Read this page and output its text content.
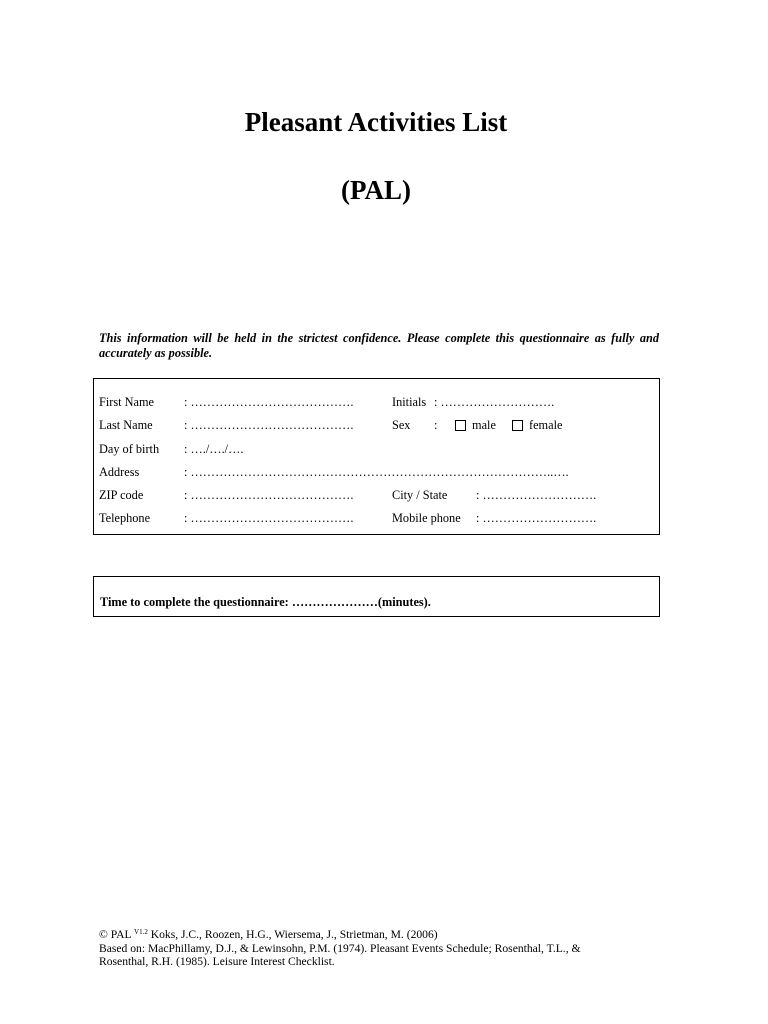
Pleasant Activities List
(PAL)

This information will be held in the strictest confidence. Please complete this questionnaire as fully and accurately as possible.

First Name : ………………………………….	Initials : ……………………….
Last Name	: ………………………………….	Sex :	male	female
Day of birth : …./…./….
Address	: ……………………………………………………………………………..….
ZIP code	: ………………………………….	City / State : ……………………….
Telephone	: ………………………………….	Mobile phone : ……………………….
Time to complete the questionnaire: …………………(minutes).

© PAL $^{V1.2}$ Koks, J.C., Roozen, H.G., Wiersema, J., Strietman, M. (2006)

Based on: MacPhillamy, D.J., & Lewinsohn, P.M. (1974). Pleasant Events Schedule; Rosenthal, T.L., & Rosenthal, R.H. (1985). Leisure Interest Checklist.
